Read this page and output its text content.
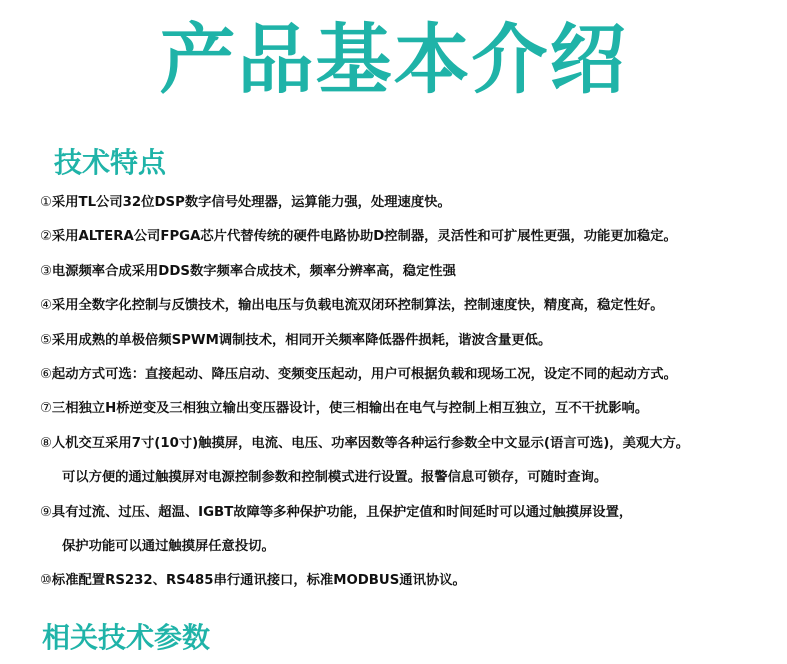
产品基本介绍
技术特点
①采用TL公司32位DSP数字信号处理器，运算能力强，处理速度快。
②采用ALTERA公司FPGA芯片代替传统的硬件电路协助D控制器，灵活性和可扩展性更强，功能更加稳定。
③电源频率合成采用DDS数字频率合成技术，频率分辨率高，稳定性强
④采用全数字化控制与反馈技术，输出电压与负载电流双闭环控制算法，控制速度快，精度高，稳定性好。
⑤采用成熟的单极倍频SPWM调制技术，相同开关频率降低器件损耗，谐波含量更低。
⑥起动方式可选：直接起动、降压启动、变频变压起动，用户可根据负载和现场工况，设定不同的起动方式。
⑦三相独立H桥逆变及三相独立输出变压器设计，使三相输出在电气与控制上相互独立，互不干扰影响。
⑧人机交互采用7寸(10寸)触摸屏，电流、电压、功率因数等各种运行参数全中文显示(语言可选)，美观大方。
可以方便的通过触摸屏对电源控制参数和控制模式进行设置。报警信息可锁存，可随时查询。
⑨具有过流、过压、超温、IGBT故障等多种保护功能，且保护定值和时间延时可以通过触摸屏设置，
保护功能可以通过触摸屏任意投切。
⑩标准配置RS232、RS485串行通讯接口，标准MODBUS通讯协议。
相关技术参数
